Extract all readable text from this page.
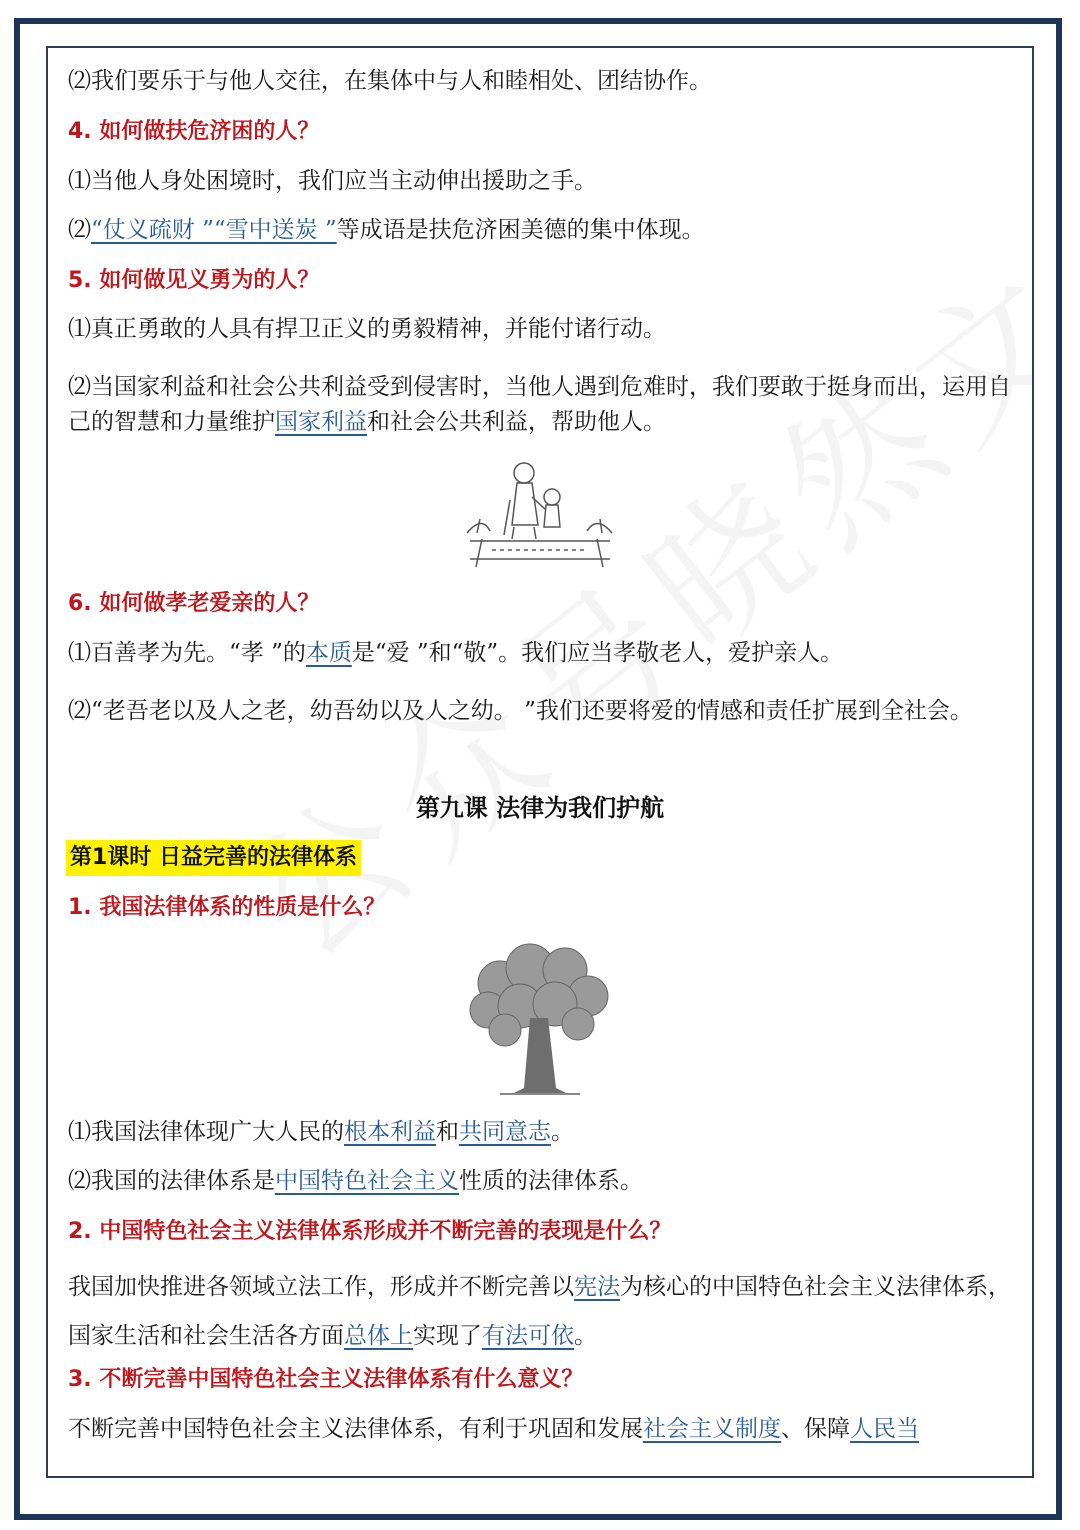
⑵我们要乐于与他人交往，在集体中与人和睦相处、团结协作。

4. 如何做扶危济困的人？

⑴当他人身处困境时，我们应当主动伸出援助之手。

⑵“仗义疏财 ”“雪中送炭 ”等成语是扶危济困美德的集中体现。

5. 如何做见义勇为的人？

⑴真正勇敢的人具有捍卫正义的勇毅精神，并能付诸行动。

⑵当国家利益和社会公共利益受到侵害时，当他人遇到危难时，我们要敢于挺身而出，运用自己的智慧和力量维护国家利益和社会公共利益，帮助他人。

6. 如何做孝老爱亲的人？

⑴百善孝为先。“孝 ”的本质是“爱 ”和“敬”。我们应当孝敬老人，爱护亲人。

⑵“老吾老以及人之老，幼吾幼以及人之幼。 ”我们还要将爱的情感和责任扩展到全社会。

第九课 法律为我们护航
第1课时 日益完善的法律体系

1. 我国法律体系的性质是什么？

⑴我国法律体现广大人民的根本利益和共同意志。

⑵我国的法律体系是中国特色社会主义性质的法律体系。

2. 中国特色社会主义法律体系形成并不断完善的表现是什么？

我国加快推进各领域立法工作，形成并不断完善以宪法为核心的中国特色社会主义法律体系，国家生活和社会生活各方面总体上实现了有法可依。

3. 不断完善中国特色社会主义法律体系有什么意义？

不断完善中国特色社会主义法律体系，有利于巩固和发展社会主义制度、保障人民当
